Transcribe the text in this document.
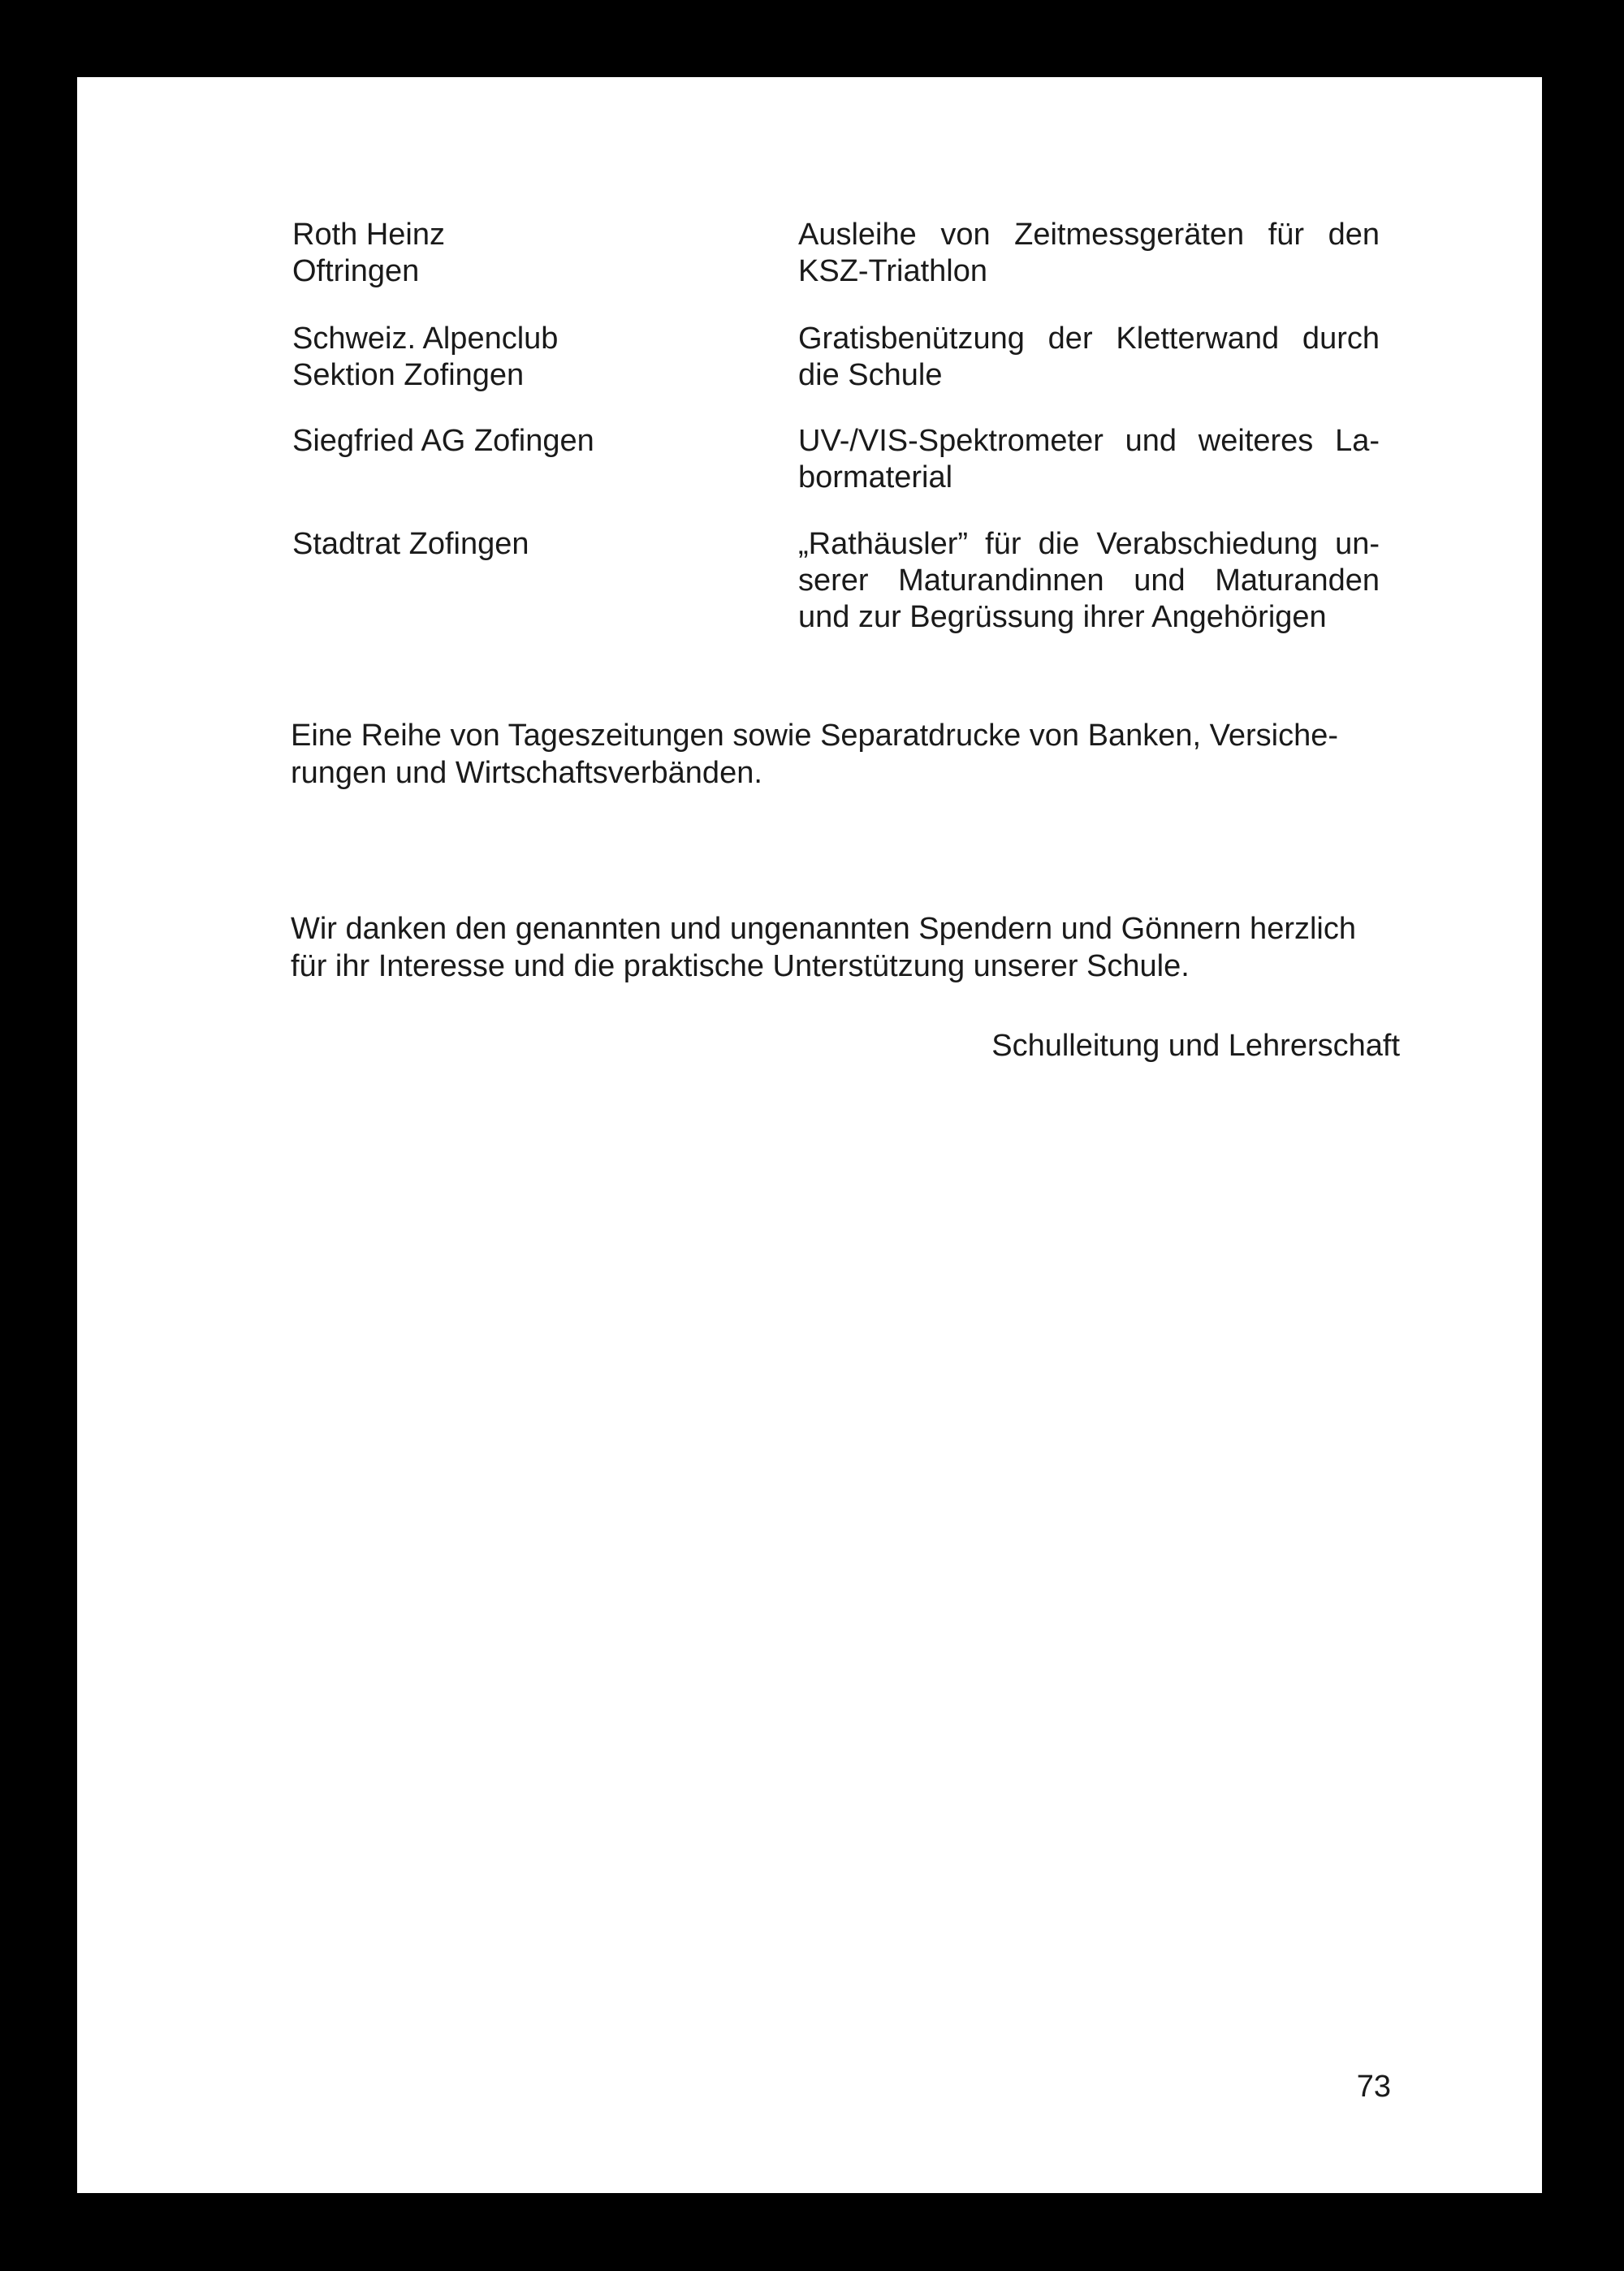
Roth Heinz
Oftringen
Ausleihe von Zeitmessgeräten für den
KSZ-Triathlon
Schweiz. Alpenclub
Sektion Zofingen
Gratisbenützung der Kletterwand durch
die Schule
Siegfried AG Zofingen	UV-/VIS-Spektrometer und weiteres La-
bormaterial
Stadtrat Zofingen	„Rathäusler” für die Verabschiedung un-
serer Maturandinnen und Maturanden
und zur Begrüssung ihrer Angehörigen
Eine Reihe von Tageszeitungen sowie Separatdrucke von Banken, Versiche-
rungen und Wirtschaftsverbänden.
Wir danken den genannten und ungenannten Spendern und Gönnern herzlich
für ihr Interesse und die praktische Unterstützung unserer Schule.
Schulleitung und Lehrerschaft
73
